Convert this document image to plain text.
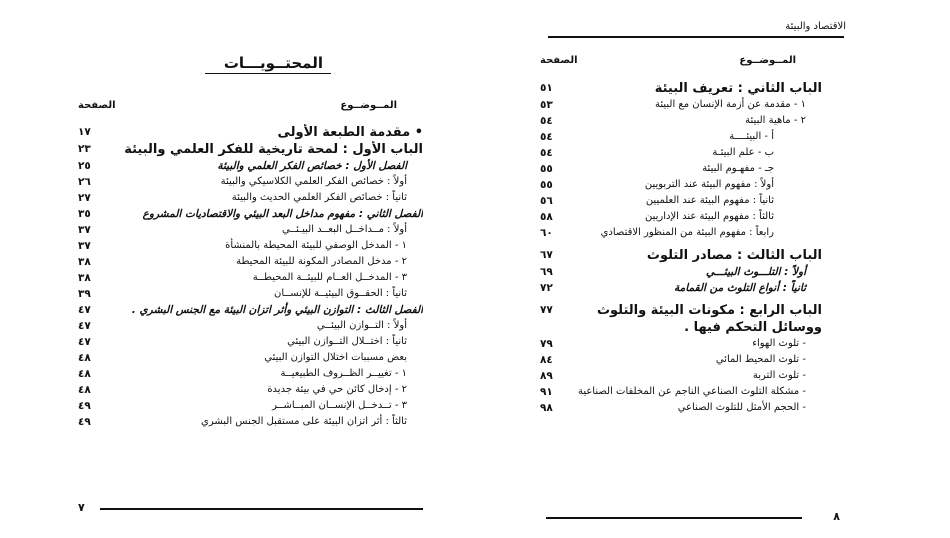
المحتــويـــات
المــوضــوع
الصفحة
• مقدمة الطبعة الأولى
١٧
الباب الأول : لمحة تاريخية للفكر العلمي والبيئة
٢٣
الفصل الأول : خصائص الفكر العلمي والبيئة
٢٥
أولاً : خصائص الفكر العلمي الكلاسيكي والبيئة
٢٦
ثانياً : خصائص الفكر العلمي الحديث والبيئة
٢٧
الفصل الثاني : مفهوم مداخل البعد البيئي والاقتصاديات المشروع
٣٥
أولاً : مــداخــل البعــد البيـئــي
٣٧
١ - المدخل الوصفي للبيئة المحيطة بالمنشأة
٣٧
٢ - مدخل المصادر المكونة للبيئة المحيطة
٣٨
٣ - المدخــل العــام للبيئــة المحيطــة
٣٨
ثانياً : الحقــوق البيئيــة للإنســان
٣٩
الفصل الثالث : التوازن البيئي وأثر اتزان البيئة مع الجنس البشري .
٤٧
أولاً : التــوازن البيئــي
٤٧
ثانياً : اختــلال التــوازن البيئي
٤٧
بعض مسببات اختلال التوازن البيئي
٤٨
١ - تغييــر الظــروف الطبيعيــة
٤٨
٢ - إدخال كائن حي في بيئة جديدة
٤٨
٣ - تــدخــل الإنســان المبــاشــر
٤٩
ثالثاً : أثر اتزان البيئة على مستقبل الجنس البشري
٤٩
٧
الاقتصاد والبيئة
المــوضــوع
الصفحة
الباب الثاني : تعريف البيئة
٥١
١ - مقدمة عن أزمة الإنسان مع البيئة
٥٣
٢ - ماهية البيئة
٥٤
أ - البيئــــة
٥٤
ب - علم البيئـة
٥٤
جـ - مفهـوم البيئة
٥٥
أولاً : مفهوم البيئة عند التربويين
٥٥
ثانياً : مفهوم البيئة عند العلميين
٥٦
ثالثاً : مفهوم البيئة عند الإداريين
٥٨
رابعاً : مفهوم البيئة من المنظور الاقتصادي
٦٠
الباب الثالث : مصادر التلوث
٦٧
أولاً : التلـــوث البيئـــي
٦٩
ثانياً : أنواع التلوث من القمامة
٧٢
الباب الرابع : مكونات البيئة والتلوث ووسائل التحكم فيها .
٧٧
- تلوث الهواء
٧٩
- تلوث المحيط المائي
٨٤
- تلوث التربة
٨٩
- مشكلة التلوث الصناعي الناجم عن المخلفات الصناعية
٩١
- الحجم الأمثل للتلوث الصناعي
٩٨
٨
